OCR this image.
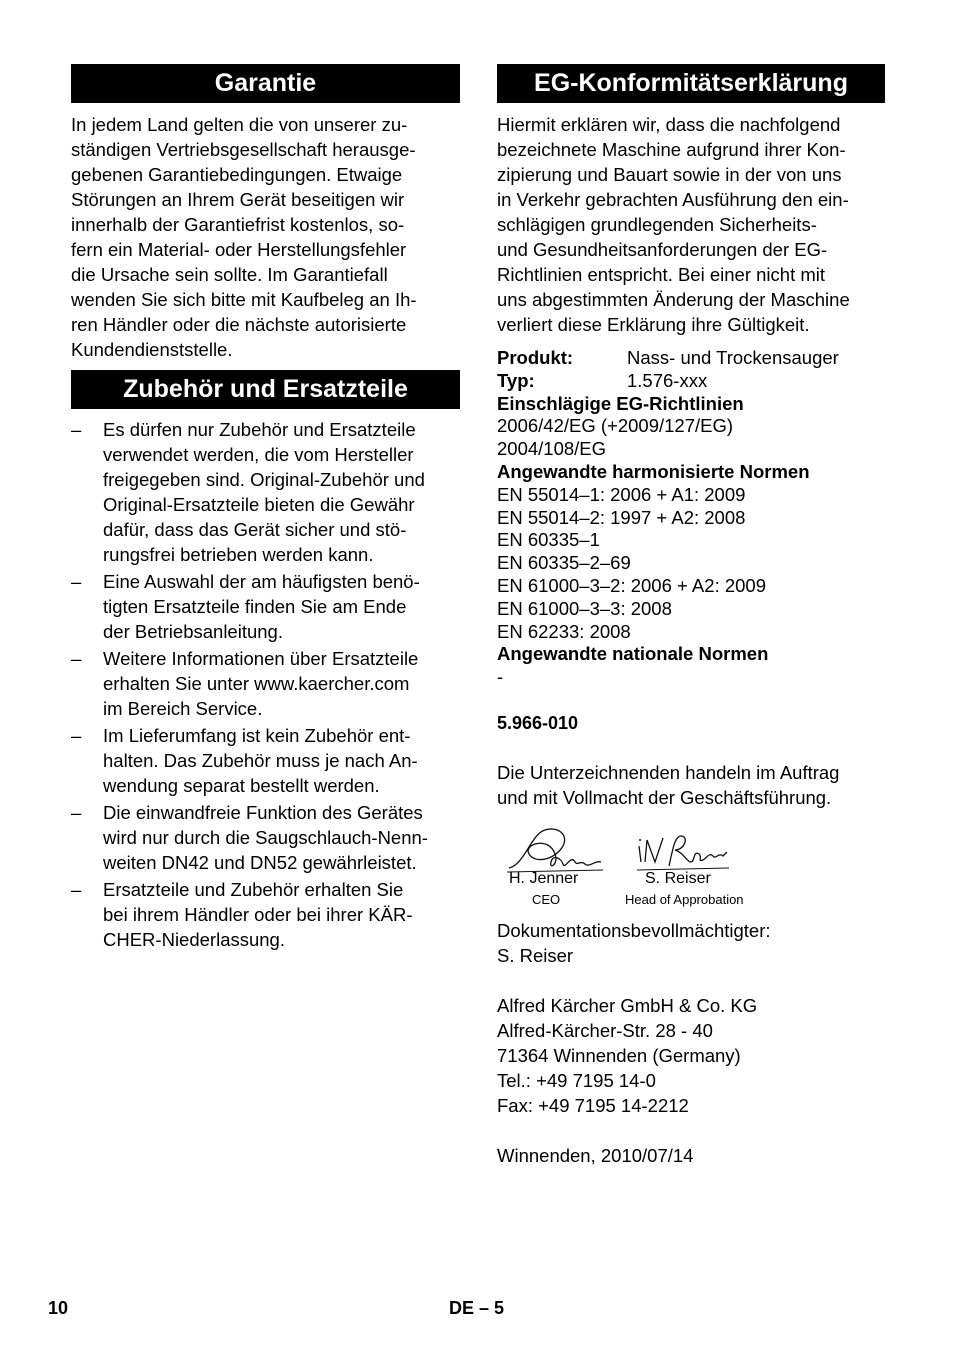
Garantie

In jedem Land gelten die von unserer zu-
ständigen Vertriebsgesellschaft herausge-
gebenen Garantiebedingungen. Etwaige
Störungen an Ihrem Gerät beseitigen wir
innerhalb der Garantiefrist kostenlos, so-
fern ein Material- oder Herstellungsfehler
die Ursache sein sollte. Im Garantiefall
wenden Sie sich bitte mit Kaufbeleg an Ih-
ren Händler oder die nächste autorisierte
Kundendienststelle.

Zubehör und Ersatzteile
– Es dürfen nur Zubehör und Ersatzteile
verwendet werden, die vom Hersteller
freigegeben sind. Original-Zubehör und
Original-Ersatzteile bieten die Gewähr
dafür, dass das Gerät sicher und stö-
rungsfrei betrieben werden kann.
– Eine Auswahl der am häufigsten benö-
tigten Ersatzteile finden Sie am Ende
der Betriebsanleitung.
– Weitere Informationen über Ersatzteile
erhalten Sie unter www.kaercher.com
im Bereich Service.
– Im Lieferumfang ist kein Zubehör ent-
halten. Das Zubehör muss je nach An-
wendung separat bestellt werden.
– Die einwandfreie Funktion des Gerätes
wird nur durch die Saugschlauch-Nenn-
weiten DN42 und DN52 gewährleistet.
– Ersatzteile und Zubehör erhalten Sie
bei ihrem Händler oder bei ihrer KÄR-
CHER-Niederlassung.
EG-Konformitätserklärung

Hiermit erklären wir, dass die nachfolgend
bezeichnete Maschine aufgrund ihrer Kon-
zipierung und Bauart sowie in der von uns
in Verkehr gebrachten Ausführung den ein-
schlägigen grundlegenden Sicherheits-
und Gesundheitsanforderungen der EG-
Richtlinien entspricht. Bei einer nicht mit
uns abgestimmten Änderung der Maschine
verliert diese Erklärung ihre Gültigkeit.

Produkt:	Nass- und Trockensauger
Typ:	1.576-xxx
Einschlägige EG-Richtlinien
2006/42/EG (+2009/127/EG)
2004/108/EG
Angewandte harmonisierte Normen
EN 55014–1: 2006 + A1: 2009
EN 55014–2: 1997 + A2: 2008
EN 60335–1
EN 60335–2–69
EN 61000–3–2: 2006 + A2: 2009
EN 61000–3–3: 2008
EN 62233: 2008
Angewandte nationale Normen
-
5.966-010

Die Unterzeichnenden handeln im Auftrag
und mit Vollmacht der Geschäftsführung.

H. Jenner
CEO
S. Reiser
Head of Approbation

Dokumentationsbevollmächtigter:
S. Reiser

Alfred Kärcher GmbH & Co. KG
Alfred-Kärcher-Str. 28 - 40
71364 Winnenden (Germany)
Tel.: +49 7195 14-0
Fax: +49 7195 14-2212

Winnenden, 2010/07/14

10	DE – 5
